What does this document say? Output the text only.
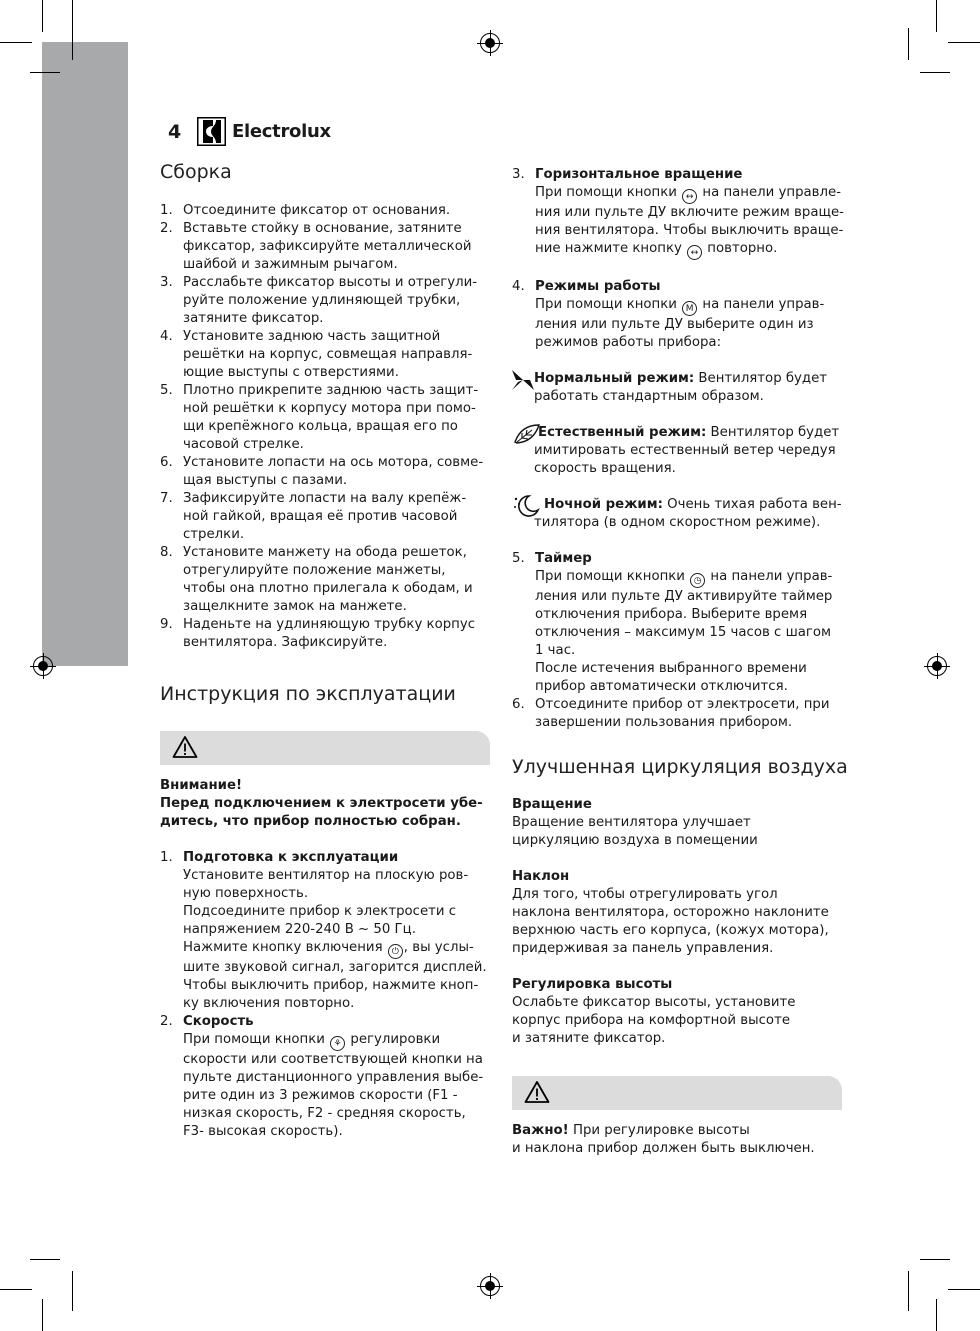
4	Electrolux
Сборка
1. Отсоедините фиксатор от основания.

2. Вставьте стойку в основание, затяните

фиксатор, зафиксируйте металлической

шайбой и зажимным рычагом.

3. Расслабьте фиксатор высоты и отрегули-

руйте положение удлиняющей трубки,

затяните фиксатор.

4. Установите заднюю часть защитной

решётки на корпус, совмещая направля-

ющие выступы с отверстиями.

5. Плотно прикрепите заднюю часть защит-

ной решётки к корпусу мотора при помо-

щи крепёжного кольца, вращая его по

часовой стрелке.

6. Установите лопасти на ось мотора, совме-

щая выступы с пазами.

7. Зафиксируйте лопасти на валу крепёж-

ной гайкой, вращая её против часовой

стрелки.

8. Установите манжету на обода решеток,

отрегулируйте положение манжеты,

чтобы она плотно прилегала к ободам, и

защелкните замок на манжете.

9. Наденьте на удлиняющую трубку корпус

вентилятора. Зафиксируйте.

Инструкция по эксплуатации

Внимание!

Перед подключением к электросети убе-

дитесь, что прибор полностью собран.

1. Подготовка к эксплуатации

Установите вентилятор на плоскую ров-

ную поверхность.

Подсоедините прибор к электросети с

напряжением 220-240 В ~ 50 Гц.

Нажмите кнопку включения ⏻ , вы услы-

шите звуковой сигнал, загорится дисплей.

Чтобы выключить прибор, нажмите кноп-

ку включения повторно.

2. Скорость

При помощи кнопки ⚘ регулировки

скорости или соответствующей кнопки на

пульте дистанционного управления выбе-

рите один из 3 режимов скорости (F1 -

низкая скорость, F2 - средняя скорость,

F3- высокая скорость).

3. Горизонтальное вращение

При помощи кнопки ↔ на панели управле-

ния или пульте ДУ включите режим враще-

ния вентилятора. Чтобы выключить враще-

ние нажмите кнопку ↔ повторно.

4. Режимы работы

При помощи кнопки M на панели управ-

ления или пульте ДУ выберите один из

режимов работы прибора:

Нормальный режим: Вентилятор будет

работать стандартным образом.

Естественный режим: Вентилятор будет

имитировать естественный ветер чередуя

скорость вращения.

Ночной режим: Очень тихая работа вен-

тилятора (в одном скоростном режиме).

5. Таймер

При помощи ккнопки ◷ на панели управ-

ления или пульте ДУ активируйте таймер

отключения прибора. Выберите время

отключения – максимум 15 часов с шагом

1 час.

После истечения выбранного времени

прибор автоматически отключится.

6. Отсоедините прибор от электросети, при

завершении пользования прибором.

Улучшенная циркуляция воздуха

Вращение

Вращение вентилятора улучшает

циркуляцию воздуха в помещении

Наклон

Для того, чтобы отрегулировать угол

наклона вентилятора, осторожно наклоните

верхнюю часть его корпуса, (кожух мотора),

придерживая за панель управления.

Регулировка высоты

Ослабьте фиксатор высоты, установите

корпус прибора на комфортной высоте

и затяните фиксатор.

Важно! При регулировке высоты

и наклона прибор должен быть выключен.
